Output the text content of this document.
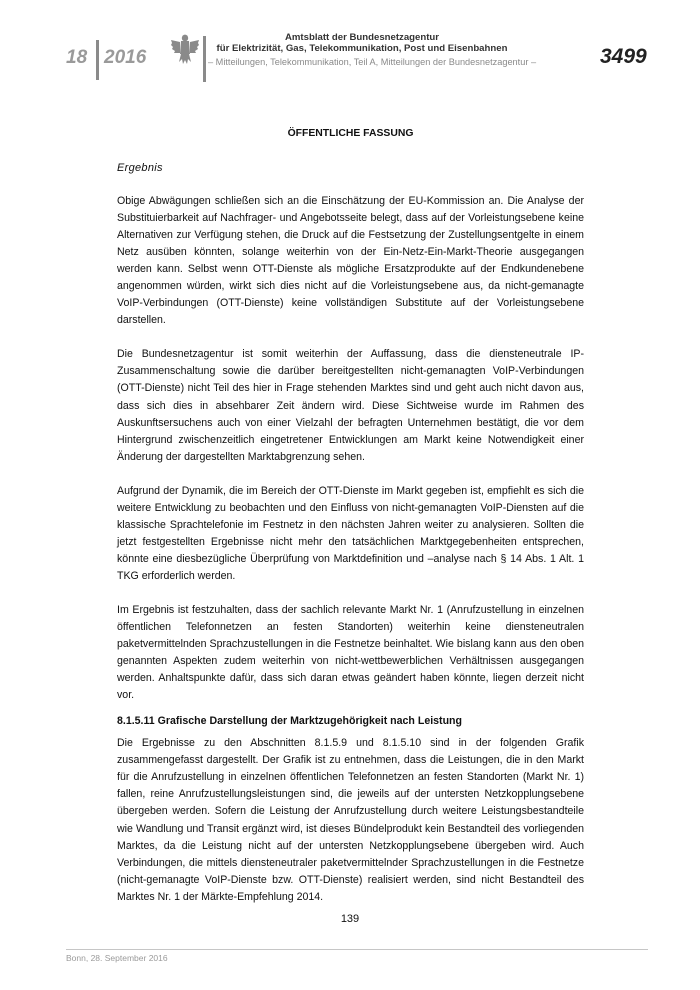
18 2016
Amtsblatt der Bundesnetzagentur
für Elektrizität, Gas, Telekommunikation, Post und Eisenbahnen
– Mitteilungen, Telekommunikation, Teil A, Mitteilungen der Bundesnetzagentur –	3499
ÖFFENTLICHE FASSUNG
Ergebnis

Obige Abwägungen schließen sich an die Einschätzung der EU-Kommission an. Die Analyse der Substituierbarkeit auf Nachfrager- und Angebotsseite belegt, dass auf der Vorleistungsebene keine Alternativen zur Verfügung stehen, die Druck auf die Festsetzung der Zustellungsentgelte in einem Netz ausüben könnten, solange weiterhin von der Ein-Netz-Ein-Markt-Theorie ausgegangen werden kann. Selbst wenn OTT-Dienste als mögliche Ersatzprodukte auf der Endkundenebene angenommen würden, wirkt sich dies nicht auf die Vorleistungsebene aus, da nicht-gemanagte VoIP-Verbindungen (OTT-Dienste) keine vollständigen Substitute auf der Vorleistungsebene darstellen.

Die Bundesnetzagentur ist somit weiterhin der Auffassung, dass die diensteneutrale IP-Zusammenschaltung sowie die darüber bereitgestellten nicht-gemanagten VoIP-Verbindungen (OTT-Dienste) nicht Teil des hier in Frage stehenden Marktes sind und geht auch nicht davon aus, dass sich dies in absehbarer Zeit ändern wird. Diese Sichtweise wurde im Rahmen des Auskunftsersuchens auch von einer Vielzahl der befragten Unternehmen bestätigt, die vor dem Hintergrund zwischenzeitlich eingetretener Entwicklungen am Markt keine Notwendigkeit einer Änderung der dargestellten Marktabgrenzung sehen.

Aufgrund der Dynamik, die im Bereich der OTT-Dienste im Markt gegeben ist, empfiehlt es sich die weitere Entwicklung zu beobachten und den Einfluss von nicht-gemanagten VoIP-Diensten auf die klassische Sprachtelefonie im Festnetz in den nächsten Jahren weiter zu analysieren. Sollten die jetzt festgestellten Ergebnisse nicht mehr den tatsächlichen Marktgegebenheiten entsprechen, könnte eine diesbezügliche Überprüfung von Marktdefinition und –analyse nach § 14 Abs. 1 Alt. 1 TKG erforderlich werden.

Im Ergebnis ist festzuhalten, dass der sachlich relevante Markt Nr. 1 (Anrufzustellung in einzelnen öffentlichen Telefonnetzen an festen Standorten) weiterhin keine diensteneutralen paketvermittelnden Sprachzustellungen in die Festnetze beinhaltet. Wie bislang kann aus den oben genannten Aspekten zudem weiterhin von nicht-wettbewerblichen Verhältnissen ausgegangen werden. Anhaltspunkte dafür, dass sich daran etwas geändert haben könnte, liegen derzeit nicht vor.

8.1.5.11 Grafische Darstellung der Marktzugehörigkeit nach Leistung

Die Ergebnisse zu den Abschnitten 8.1.5.9 und 8.1.5.10 sind in der folgenden Grafik zusammengefasst dargestellt. Der Grafik ist zu entnehmen, dass die Leistungen, die in den Markt für die Anrufzustellung in einzelnen öffentlichen Telefonnetzen an festen Standorten (Markt Nr. 1) fallen, reine Anrufzustellungsleistungen sind, die jeweils auf der untersten Netzkopplungsebene übergeben werden. Sofern die Leistung der Anrufzustellung durch weitere Leistungsbestandteile wie Wandlung und Transit ergänzt wird, ist dieses Bündelprodukt kein Bestandteil des vorliegenden Marktes, da die Leistung nicht auf der untersten Netzkopplungsebene übergeben wird. Auch Verbindungen, die mittels diensteneutraler paketvermittelnder Sprachzustellungen in die Festnetze (nicht-gemanagte VoIP-Dienste bzw. OTT-Dienste) realisiert werden, sind nicht Bestandteil des Marktes Nr. 1 der Märkte-Empfehlung 2014.

139
Bonn, 28. September 2016
